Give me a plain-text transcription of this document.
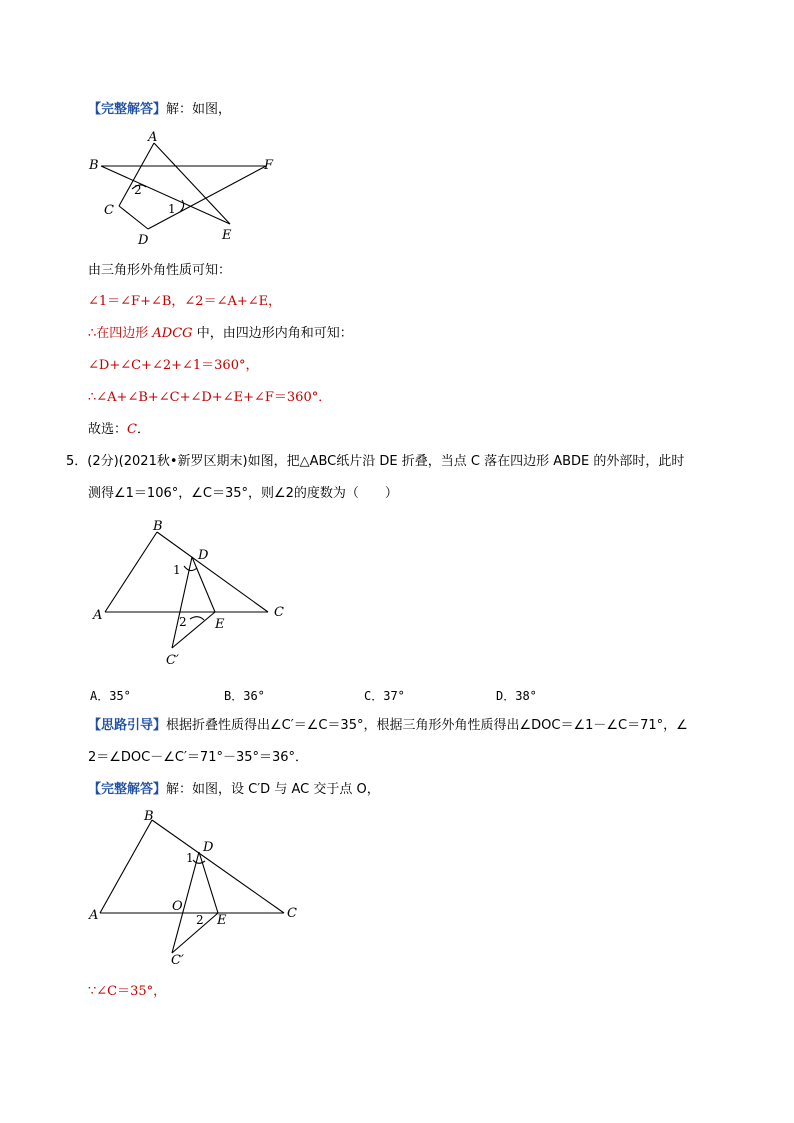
【完整解答】解：如图，
A
B	F
C
D	E
2
1
由三角形外角性质可知：
∠1＝∠F+∠B，∠2＝∠A+∠E，
∴在四边形 ADCG 中，由四边形内角和可知：
∠D+∠C+∠2+∠1＝360°，
∴∠A+∠B+∠C+∠D+∠E+∠F＝360°．
故选：C．
5．(2分)(2021秋•新罗区期末)如图，把△ABC纸片沿 DE 折叠，当点 C 落在四边形 ABDE 的外部时，此时
测得∠1＝106°，∠C＝35°，则∠2的度数为（　　）
B
D
A	C
E
C′
1
2
A．35°	B．36°	C．37°	D．38°
【思路引导】根据折叠性质得出∠C′＝∠C＝35°，根据三角形外角性质得出∠DOC＝∠1－∠C＝71°，∠
2＝∠DOC－∠C′＝71°－35°＝36°．
【完整解答】解：如图，设 C′D 与 AC 交于点 O，
B
D
A	C
E
O
C′
1
2
∵∠C＝35°，
